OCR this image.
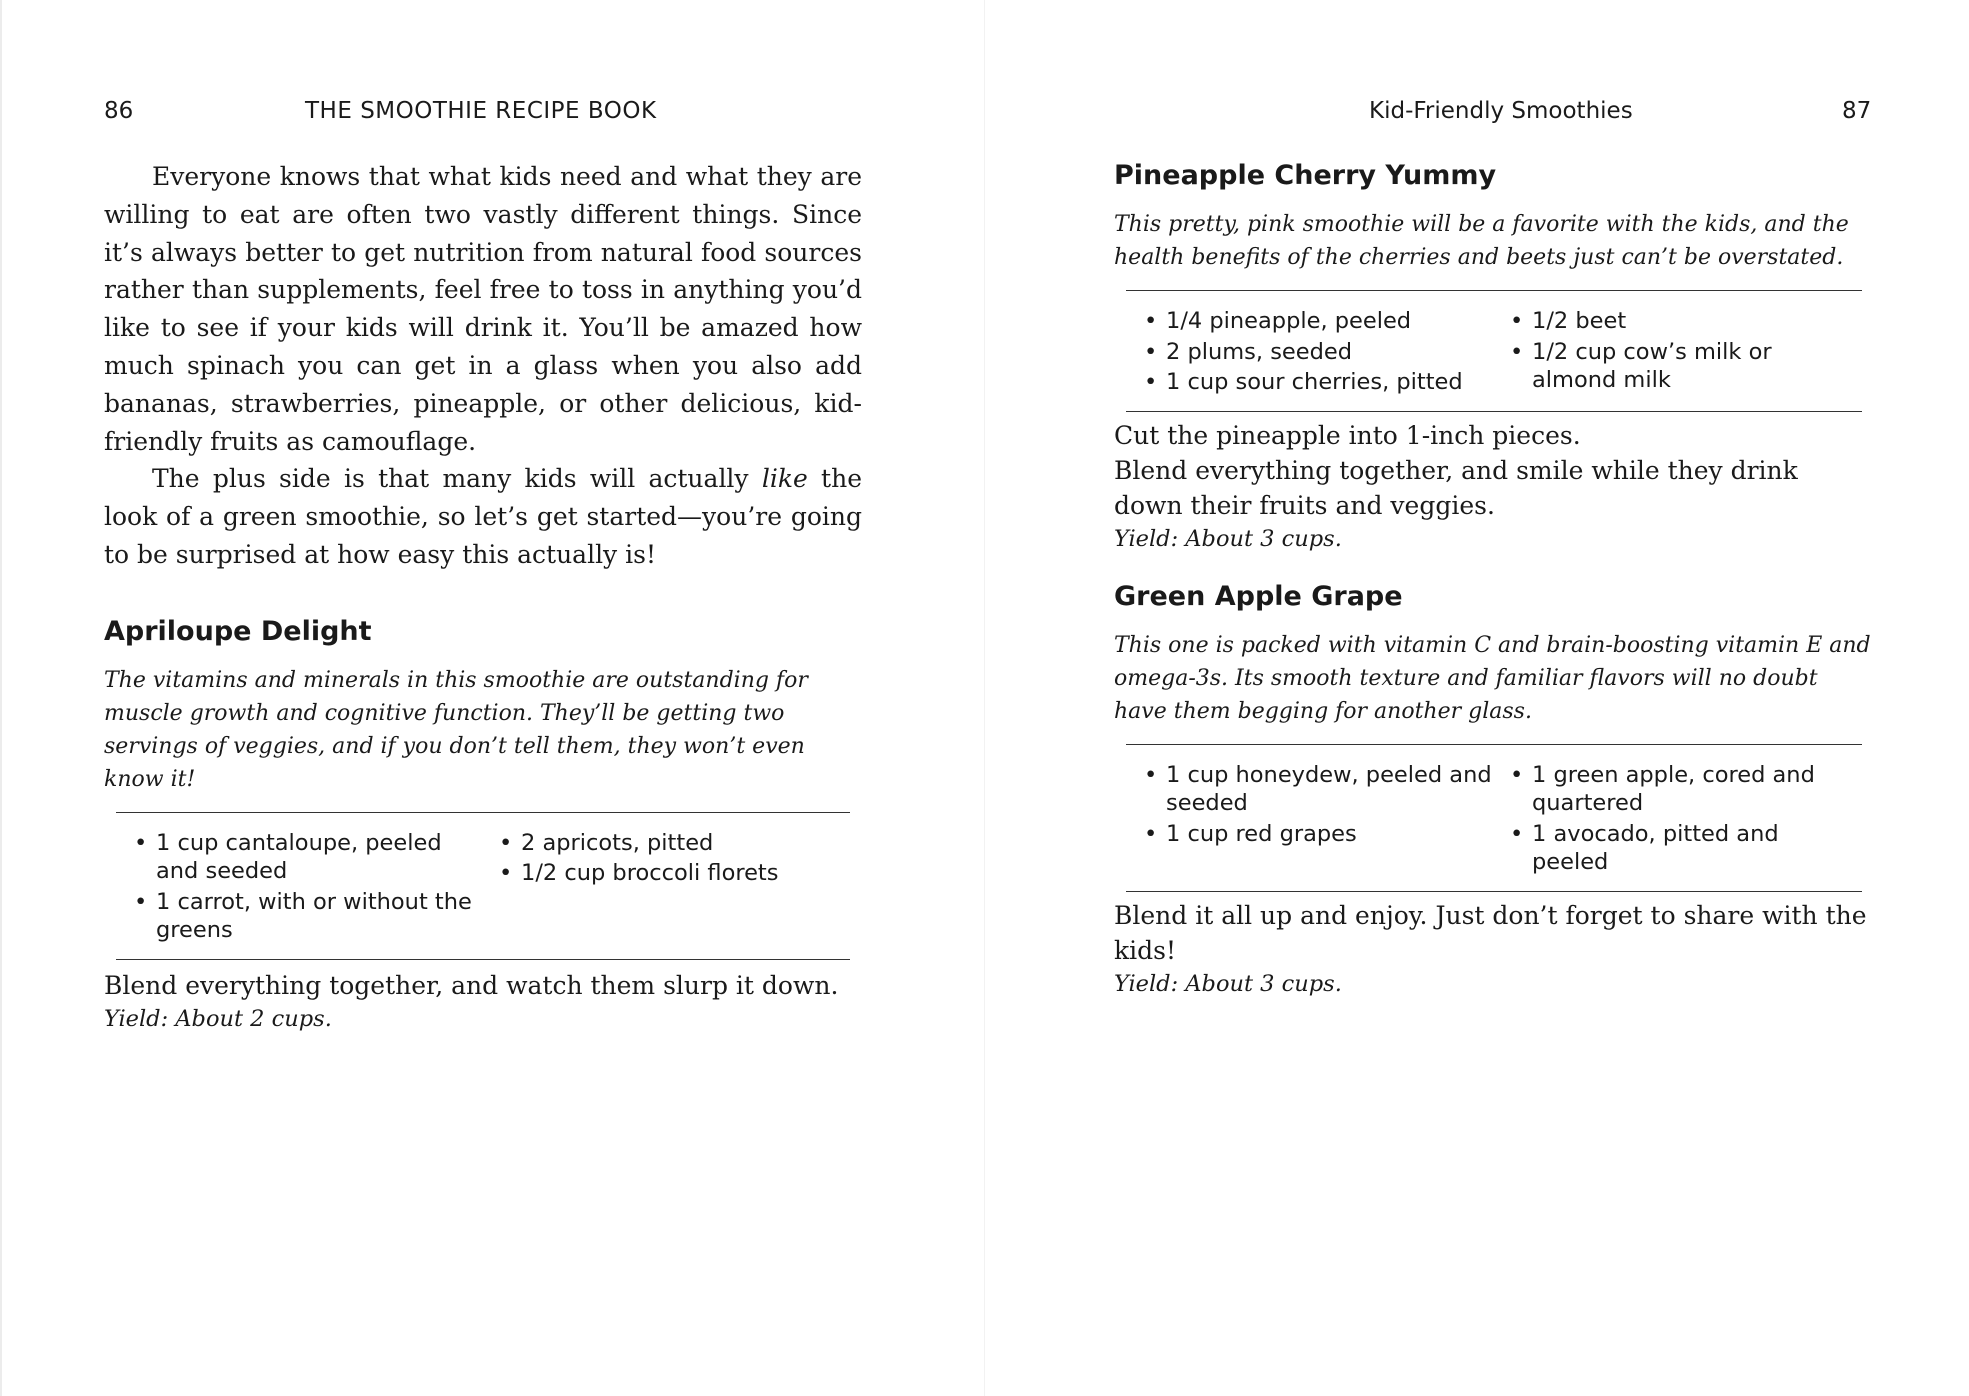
86	THE SMOOTHIE RECIPE BOOK

Everyone knows that what kids need and what they are willing to eat are often two vastly different things. Since it’s always better to get nutrition from natural food sources rather than supplements, feel free to toss in anything you’d like to see if your kids will drink it. You’ll be amazed how much spinach you can get in a glass when you also add bananas, strawberries, pineapple, or other delicious, kid-friendly fruits as camouflage.

The plus side is that many kids will actually like the look of a green smoothie, so let’s get started—you’re going to be surprised at how easy this actually is!

Apriloupe Delight

The vitamins and minerals in this smoothie are outstanding for muscle growth and cognitive function. They’ll be getting two servings of veggies, and if you don’t tell them, they won’t even know it!

• 1 cup cantaloupe, peeled and seeded
• 1 carrot, with or without the greens
• 2 apricots, pitted
• 1/2 cup broccoli florets

Blend everything together, and watch them slurp it down.

Yield: About 2 cups.

Kid-Friendly Smoothies	87
Pineapple Cherry Yummy

This pretty, pink smoothie will be a favorite with the kids, and the health benefits of the cherries and beets just can’t be overstated.

• 1/4 pineapple, peeled
• 2 plums, seeded
• 1 cup sour cherries, pitted
• 1/2 beet
• 1/2 cup cow’s milk or almond milk

Cut the pineapple into 1-inch pieces.

Blend everything together, and smile while they drink down their fruits and veggies.

Yield: About 3 cups.

Green Apple Grape

This one is packed with vitamin C and brain-boosting vitamin E and omega-3s. Its smooth texture and familiar flavors will no doubt have them begging for another glass.

• 1 cup honeydew, peeled and seeded
• 1 cup red grapes
• 1 green apple, cored and quartered
• 1 avocado, pitted and peeled

Blend it all up and enjoy. Just don’t forget to share with the kids!

Yield: About 3 cups.
